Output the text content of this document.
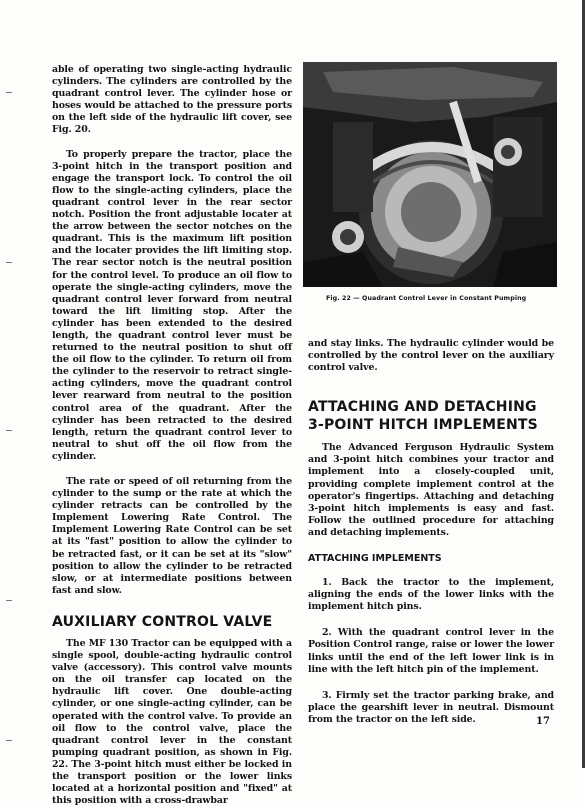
able of operating two single-acting hydraulic cylinders. The cylinders are controlled by the quadrant control lever. The cylinder hose or hoses would be attached to the pressure ports on the left side of the hydraulic lift cover, see Fig. 20.

To properly prepare the tractor, place the 3-point hitch in the transport position and engage the transport lock. To control the oil flow to the single-acting cylinders, place the quadrant control lever in the rear sector notch. Position the front adjustable locater at the arrow between the sector notches on the quadrant. This is the maximum lift position and the locater provides the lift limiting stop. The rear sector notch is the neutral position for the control level. To produce an oil flow to operate the single-acting cylinders, move the quadrant control lever forward from neutral toward the lift limiting stop. After the cylinder has been extended to the desired length, the quadrant control lever must be returned to the neutral position to shut off the oil flow to the cylinder. To return oil from the cylinder to the reservoir to retract single-acting cylinders, move the quadrant control lever rearward from neutral to the position control area of the quadrant. After the cylinder has been retracted to the desired length, return the quadrant control lever to neutral to shut off the oil flow from the cylinder.

The rate or speed of oil returning from the cylinder to the sump or the rate at which the cylinder retracts can be controlled by the Implement Lowering Rate Control. The Implement Lowering Rate Control can be set at its "fast" position to allow the cylinder to be retracted fast, or it can be set at its "slow" position to allow the cylinder to be retracted slow, or at intermediate positions between fast and slow.

AUXILIARY CONTROL VALVE

The MF 130 Tractor can be equipped with a single spool, double-acting hydraulic control valve (accessory). This control valve mounts on the oil transfer cap located on the hydraulic lift cover. One double-acting cylinder, or one single-acting cylinder, can be operated with the control valve. To provide an oil flow to the control valve, place the quadrant control lever in the constant pumping quadrant position, as shown in Fig. 22. The 3-point hitch must either be locked in the transport position or the lower links located at a horizontal position and "fixed" at this position with a cross-drawbar

Fig. 22 — Quadrant Control Lever in Constant Pumping

and stay links. The hydraulic cylinder would be controlled by the control lever on the auxiliary control valve.

ATTACHING AND DETACHING 3-POINT HITCH IMPLEMENTS

The Advanced Ferguson Hydraulic System and 3-point hitch combines your tractor and implement into a closely-coupled unit, providing complete implement control at the operator's fingertips. Attaching and detaching 3-point hitch implements is easy and fast. Follow the outlined procedure for attaching and detaching implements.

ATTACHING IMPLEMENTS

1. Back the tractor to the implement, aligning the ends of the lower links with the implement hitch pins.

2. With the quadrant control lever in the Position Control range, raise or lower the lower links until the end of the left lower link is in line with the left hitch pin of the implement.

3. Firmly set the tractor parking brake, and place the gearshift lever in neutral. Dismount from the tractor on the left side.	17
